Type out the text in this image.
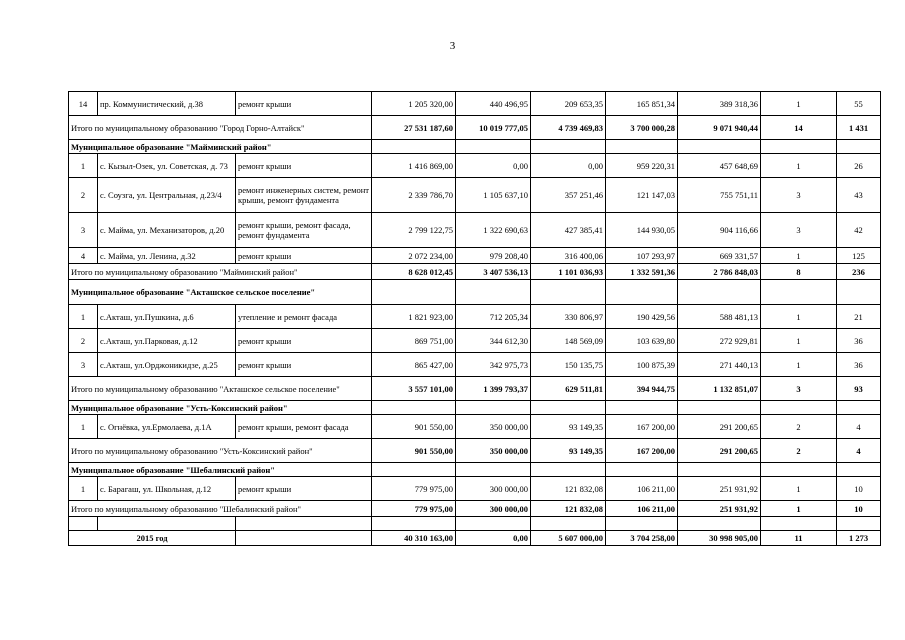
3
14	пр. Коммунистический, д.38	ремонт крыши	1 205 320,00	440 496,95	209 653,35	165 851,34	389 318,36	1	55
Итого по муниципальному образованию "Город Горно-Алтайск"			27 531 187,60	10 019 777,05	4 739 469,83	3 700 000,28	9 071 940,44	14	1 431
Муниципальное образование "Майминский район"									
1	с. Кызыл-Озек, ул. Советская, д. 73	ремонт крыши	1 416 869,00	0,00	0,00	959 220,31	457 648,69	1	26
2	с. Соузга, ул. Центральная, д.23/4	ремонт инженерных систем, ремонт крыши, ремонт фундамента	2 339 786,70	1 105 637,10	357 251,46	121 147,03	755 751,11	3	43
3	с. Майма, ул. Механизаторов, д.20	ремонт крыши, ремонт фасада, ремонт фундамента	2 799 122,75	1 322 690,63	427 385,41	144 930,05	904 116,66	3	42
4	с. Майма, ул. Ленина, д.32	ремонт крыши	2 072 234,00	979 208,40	316 400,06	107 293,97	669 331,57	1	125
Итого по муниципальному образованию "Майминский район"			8 628 012,45	3 407 536,13	1 101 036,93	1 332 591,36	2 786 848,03	8	236
Муниципальное образование "Акташское сельское поселение"									
1	с.Акташ, ул.Пушкина, д.6	утепление и ремонт фасада	1 821 923,00	712 205,34	330 806,97	190 429,56	588 481,13	1	21
2	с.Акташ, ул.Парковая, д.12	ремонт крыши	869 751,00	344 612,30	148 569,09	103 639,80	272 929,81	1	36
3	с.Акташ, ул.Орджоникидзе, д.25	ремонт крыши	865 427,00	342 975,73	150 135,75	100 875,39	271 440,13	1	36
Итого по муниципальному образованию "Акташское сельское поселение"			3 557 101,00	1 399 793,37	629 511,81	394 944,75	1 132 851,07	3	93
Муниципальное образование "Усть-Коксинский район"									
1	с. Огнёвка, ул.Ермолаева, д.1А	ремонт крыши, ремонт фасада	901 550,00	350 000,00	93 149,35	167 200,00	291 200,65	2	4
Итого по муниципальному образованию "Усть-Коксинский район"			901 550,00	350 000,00	93 149,35	167 200,00	291 200,65	2	4
Муниципальное образование "Шебалинский район"									
1	с. Барагаш, ул. Школьная, д.12	ремонт крыши	779 975,00	300 000,00	121 832,08	106 211,00	251 931,92	1	10
Итого по муниципальному образованию "Шебалинский район"			779 975,00	300 000,00	121 832,08	106 211,00	251 931,92	1	10

2015 год			40 310 163,00	0,00	5 607 000,00	3 704 258,00	30 998 905,00	11	1 273
